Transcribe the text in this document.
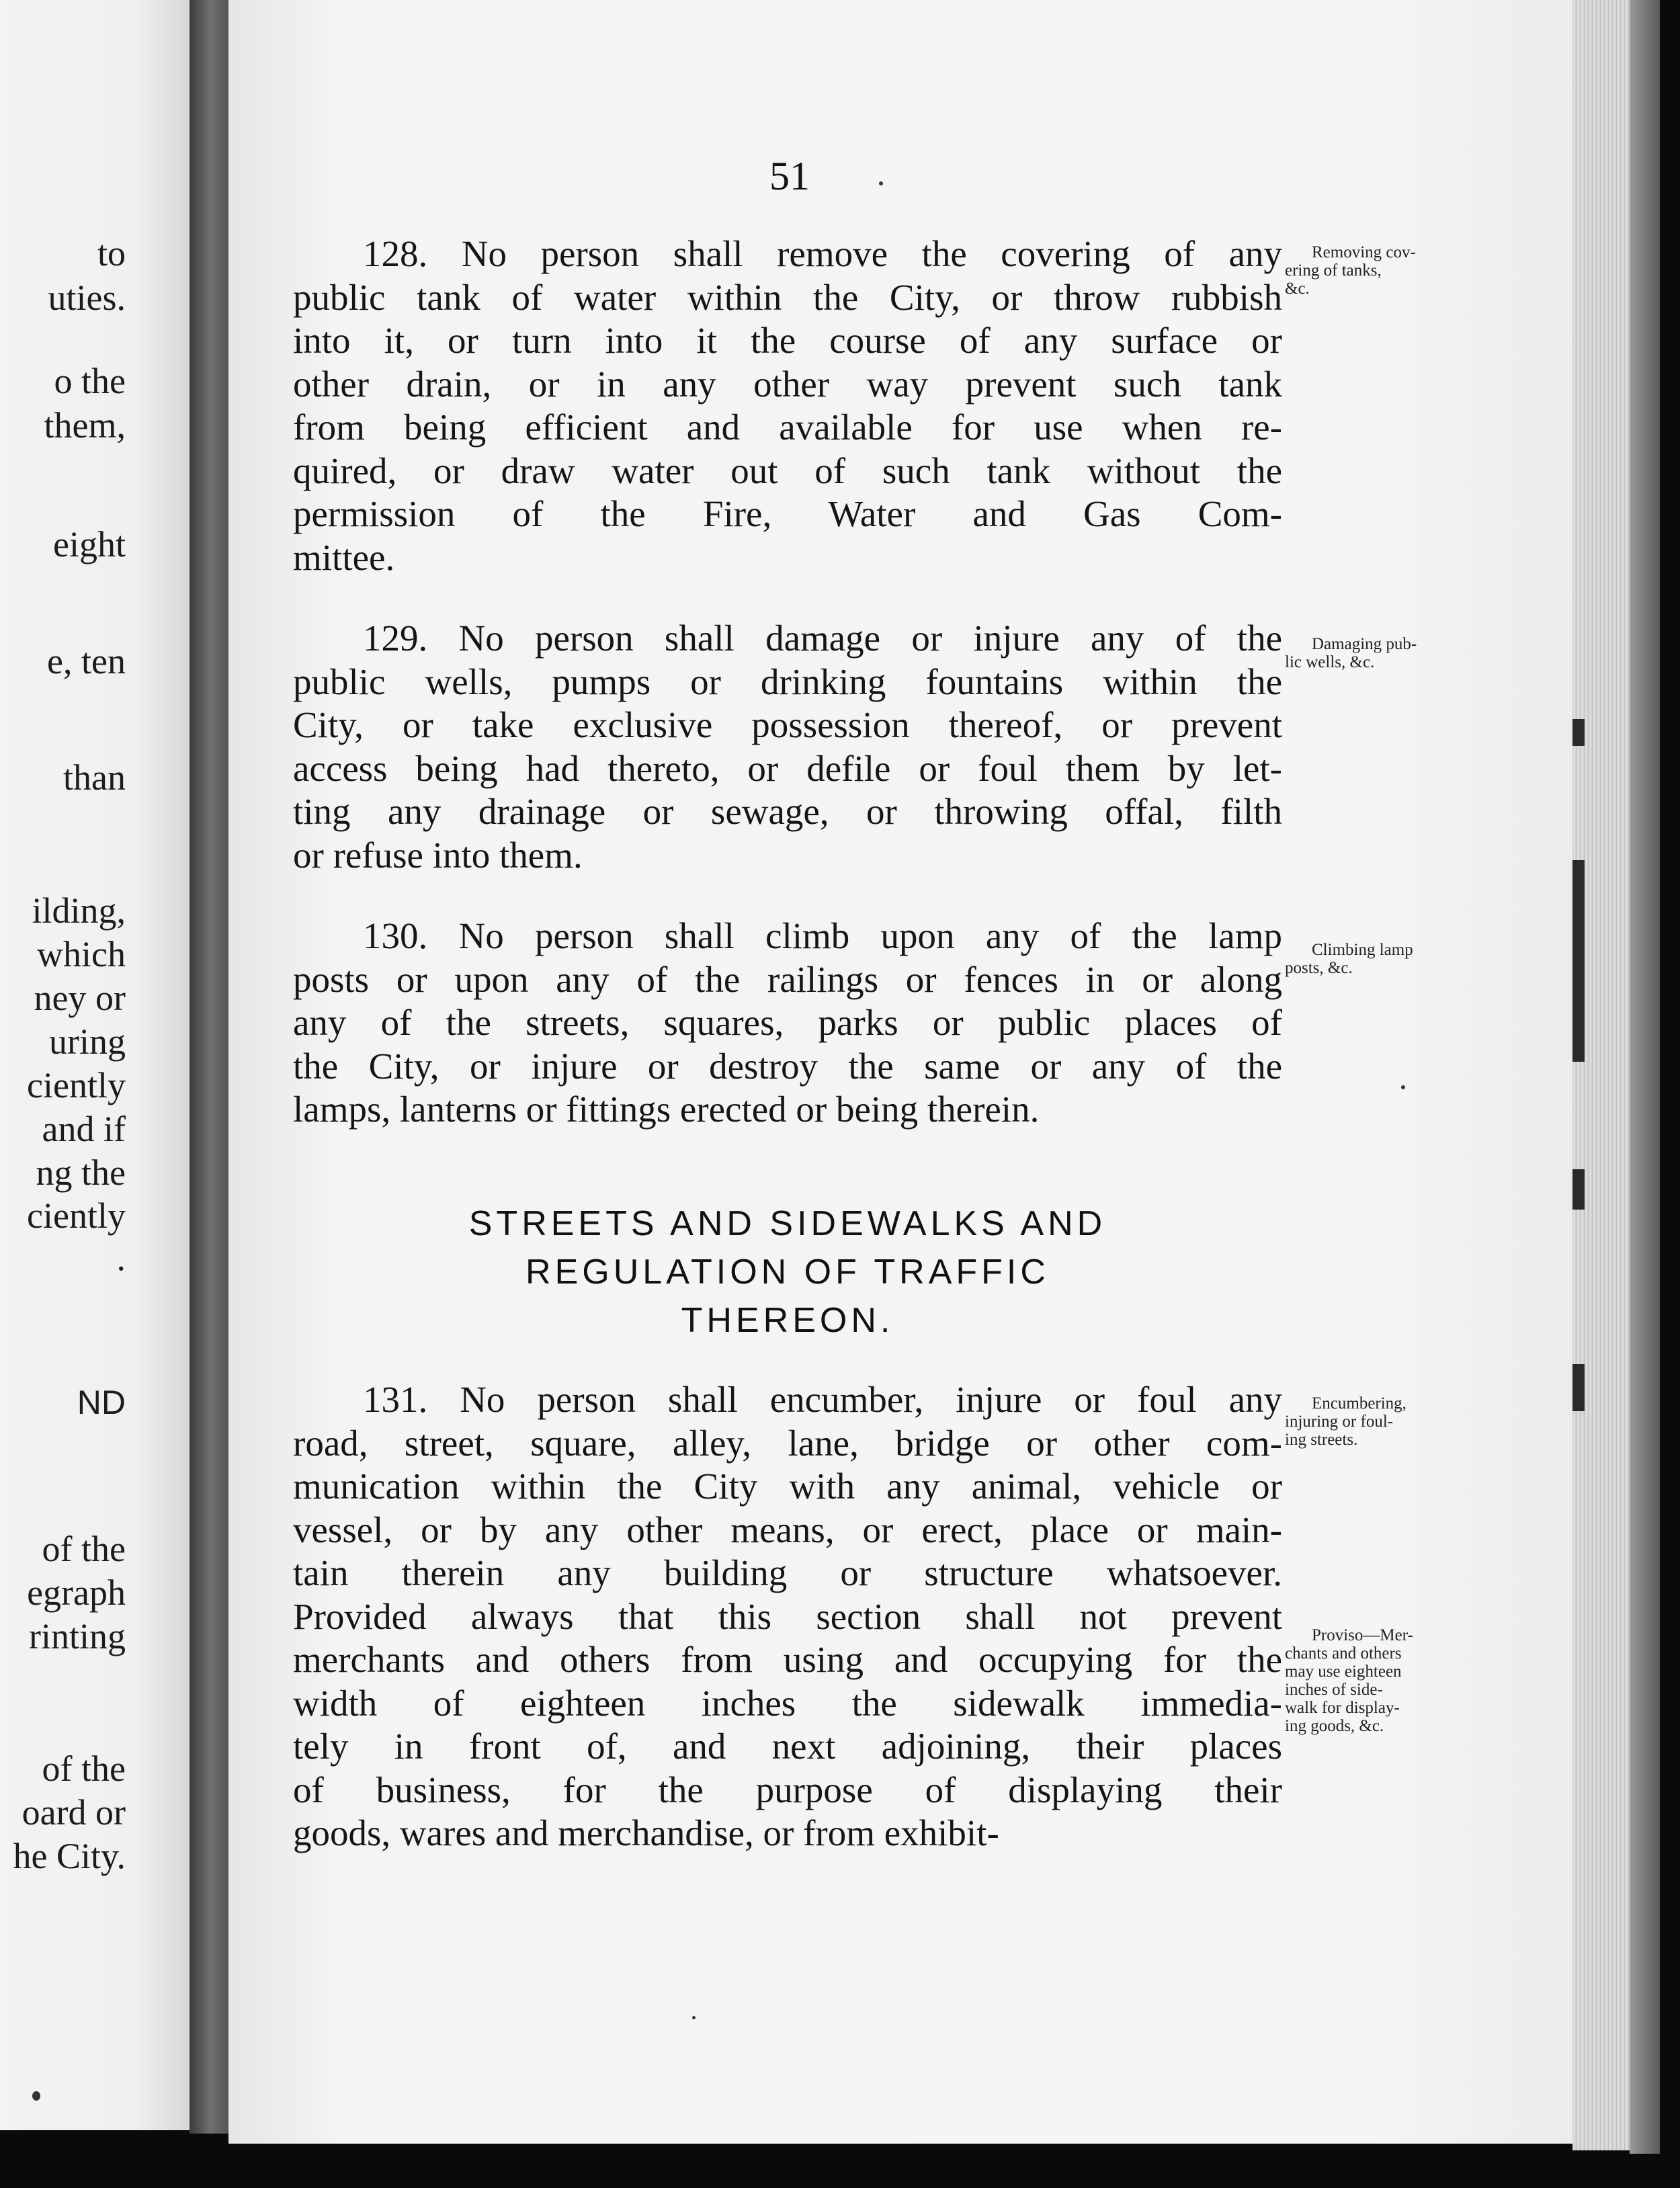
to
uties.
o the
them,
eight
e, ten
than
ilding,
which
ney or
uring
ciently
and if
ng the
ciently
.
ND
of the
egraph
rinting
of the
oard or
he City.
51
128. No person shall remove the covering of any
public tank of water within the City, or throw rubbish
into it, or turn into it the course of any surface or
other drain, or in any other way prevent such tank
from being efficient and available for use when re-
quired, or draw water out of such tank without the
permission of the Fire, Water and Gas Com-
mittee.
Removing cov-
ering of tanks,
&c.
129. No person shall damage or injure any of the
public wells, pumps or drinking fountains within the
City, or take exclusive possession thereof, or prevent
access being had thereto, or defile or foul them by let-
ting any drainage or sewage, or throwing offal, filth
or refuse into them.
Damaging pub-
lic wells, &c.
130. No person shall climb upon any of the lamp
posts or upon any of the railings or fences in or along
any of the streets, squares, parks or public places of
the City, or injure or destroy the same or any of the
lamps, lanterns or fittings erected or being therein.
Climbing lamp
posts, &c.
STREETS AND SIDEWALKS AND
REGULATION OF TRAFFIC
THEREON.
131. No person shall encumber, injure or foul any
road, street, square, alley, lane, bridge or other com-
munication within the City with any animal, vehicle or
vessel, or by any other means, or erect, place or main-
tain therein any building or structure whatsoever.
Provided always that this section shall not prevent
merchants and others from using and occupying for the
width of eighteen inches the sidewalk immedia-
tely in front of, and next adjoining, their places
of business, for the purpose of displaying their
goods, wares and merchandise, or from exhibit-
Encumbering,
injuring or foul-
ing streets.
Proviso—Mer-
chants and others
may use eighteen
inches of side-
walk for display-
ing goods, &c.
